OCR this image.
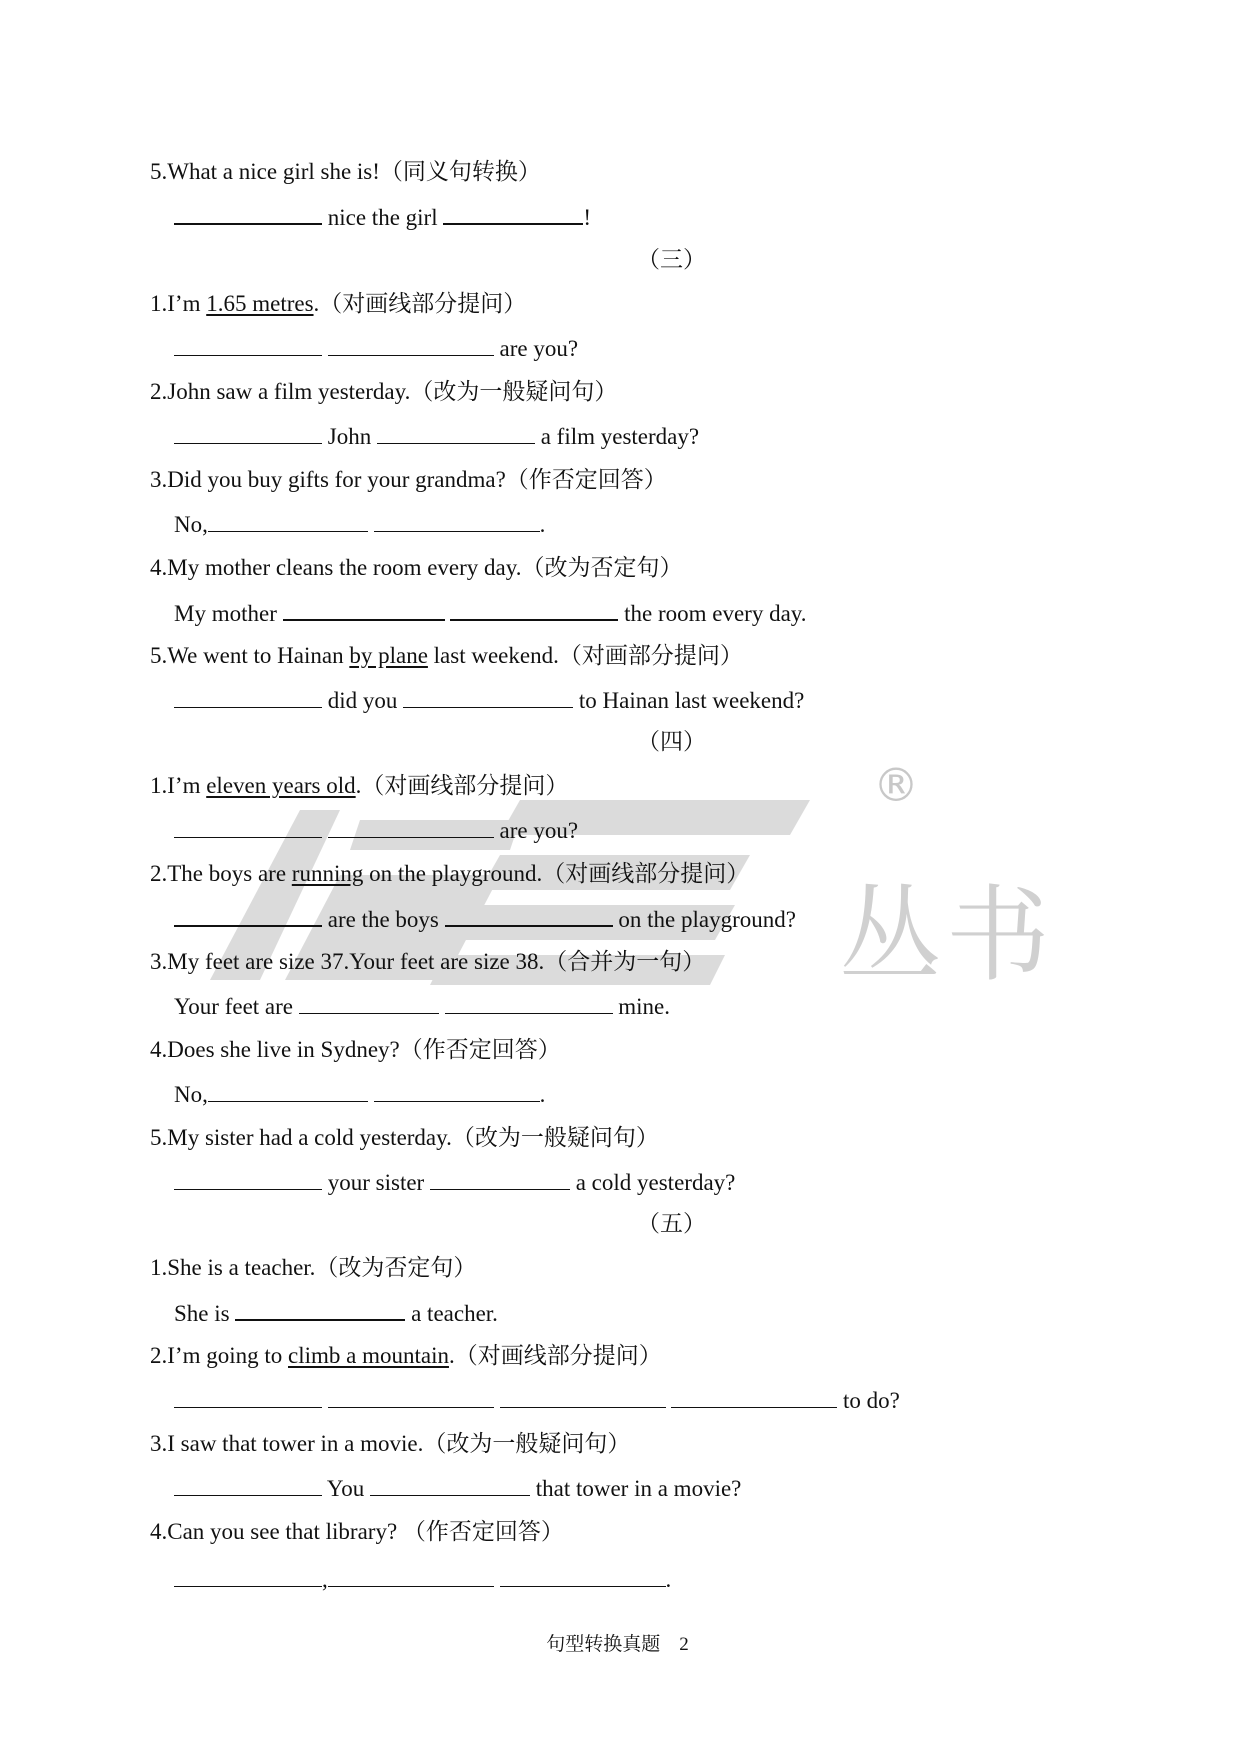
丛书
®
5.What a nice girl she is!（同义句转换）
nice the girl	!
（三）
1.I’m 1.65 metres.（对画线部分提问）
are you?
2.John saw a film yesterday.（改为一般疑问句）
John	a film yesterday?
3.Did you buy gifts for your grandma?（作否定回答）
No,	.
4.My mother cleans the room every day.（改为否定句）
My mother	the room every day.
5.We went to Hainan by plane last weekend.（对画部分提问）
did you	to Hainan last weekend?
（四）
1.I’m eleven years old.（对画线部分提问）
are you?
2.The boys are running on the playground.（对画线部分提问）
are the boys	on the playground?
3.My feet are size 37.Your feet are size 38.（合并为一句）
Your feet are	mine.
4.Does she live in Sydney?（作否定回答）
No,	.
5.My sister had a cold yesterday.（改为一般疑问句）
your sister	a cold yesterday?
（五）
1.She is a teacher.（改为否定句）
She is	a teacher.
2.I’m going to climb a mountain.（对画线部分提问）
to do?
3.I saw that tower in a movie.（改为一般疑问句）
You	that tower in a movie?
4.Can you see that library? （作否定回答）
,	.
句型转换真题　2
